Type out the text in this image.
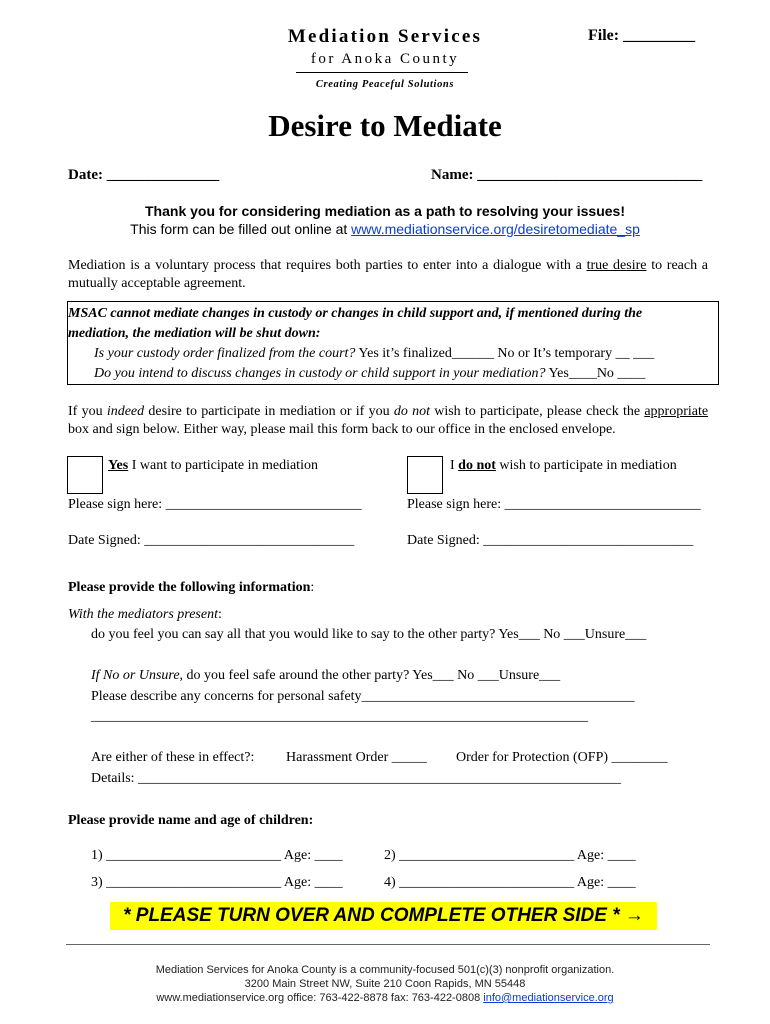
Mediation Services
for Anoka County
Creating Peaceful Solutions
File: _________
Desire to Mediate
Date: _______________	Name: ______________________________
Thank you for considering mediation as a path to resolving your issues!
This form can be filled out online at www.mediationservice.org/desiretomediate_sp
Mediation is a voluntary process that requires both parties to enter into a dialogue with a true desire to reach a mutually acceptable agreement.
MSAC cannot mediate changes in custody or changes in child support and, if mentioned during the
mediation, the mediation will be shut down:
Is your custody order finalized from the court? Yes it’s finalized______ No or It’s temporary __ ___
Do you intend to discuss changes in custody or child support in your mediation? Yes____No ____
If you indeed desire to participate in mediation or if you do not wish to participate, please check the appropriate box and sign below. Either way, please mail this form back to our office in the enclosed envelope.
Yes I want to participate in mediation	I do not wish to participate in mediation
Please sign here: ____________________________	Please sign here: ____________________________
Date Signed: ______________________________	Date Signed: ______________________________
Please provide the following information:
With the mediators present :
do you feel you can say all that you would like to say to the other party? Yes___ No ___Unsure___
If No or Unsure, do you feel safe around the other party? Yes___ No ___Unsure___
Please describe any concerns for personal safety_______________________________________
_______________________________________________________________________
Are either of these in effect?: Harassment Order _____ Order for Protection (OFP) ________
Details: _____________________________________________________________________
Please provide name and age of children:
1) _________________________ Age: ____	2) _________________________ Age: ____
3) _________________________ Age: ____	4) _________________________ Age: ____
* PLEASE TURN OVER AND COMPLETE OTHER SIDE * →
Mediation Services for Anoka County is a community-focused 501(c)(3) nonprofit organization.
3200 Main Street NW, Suite 210 Coon Rapids, MN 55448
www.mediationservice.org office: 763-422-8878 fax: 763-422-0808 info@mediationservice.org
